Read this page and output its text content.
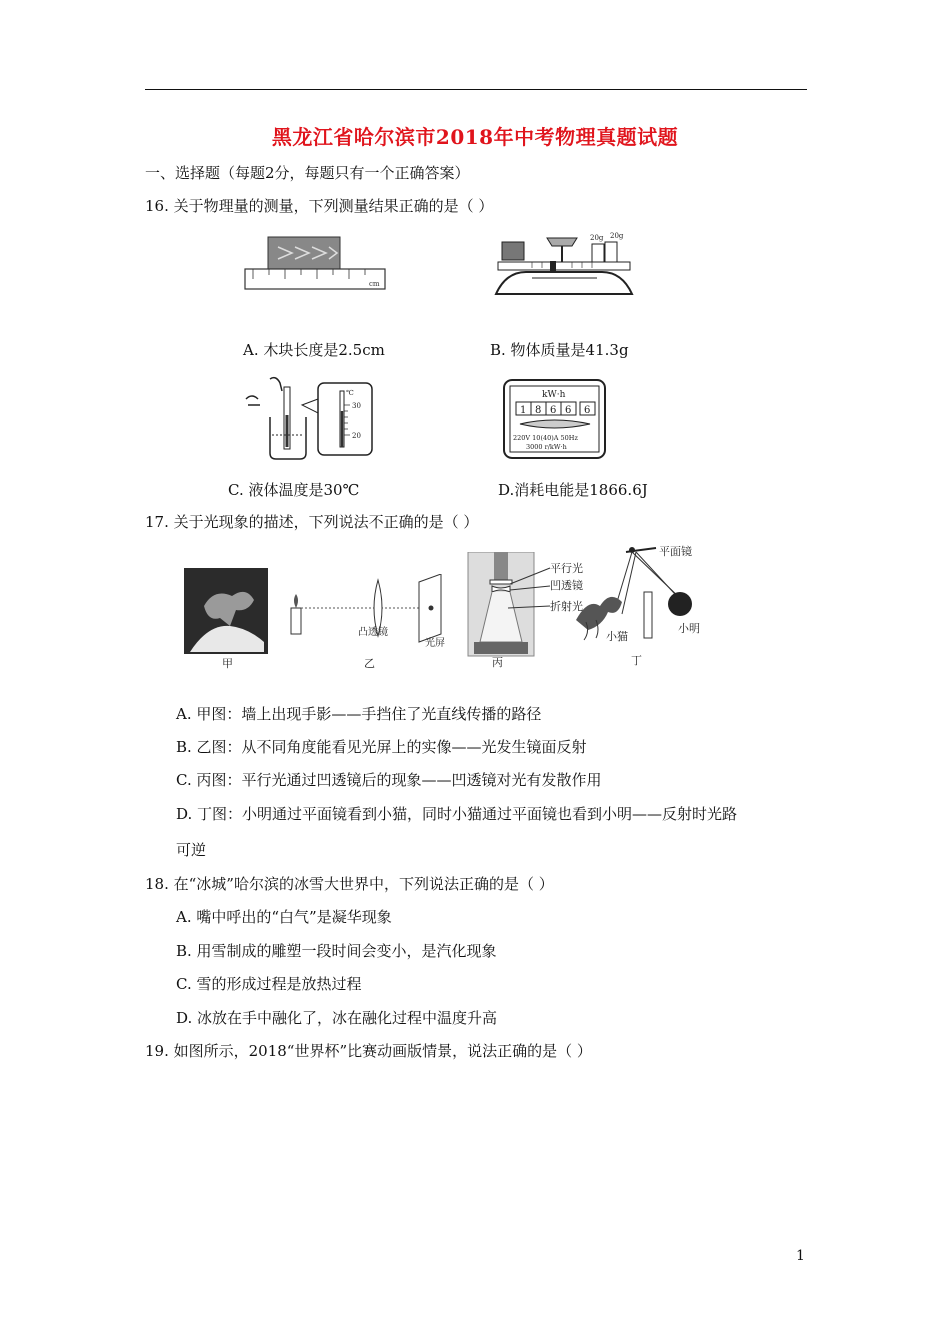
黑龙江省哈尔滨市2018年中考物理真题试题
一、选择题（每题2分，每题只有一个正确答案）
16. 关于物理量的测量，下列测量结果正确的是（ ）
cm
20g 20g
A. 木块长度是2.5cm	B. 物体质量是41.3g
℃
30
20
kW·h
1 8 6 6 6
220V 10(40)A 50Hz
3000 r/kW·h
C. 液体温度是30℃	D.消耗电能是1866.6J
17. 关于光现象的描述，下列说法不正确的是（ ）
甲
凸透镜
光屏
乙
平行光
凹透镜
折射光
丙
平面镜
小猫
小明
丁
A. 甲图：墙上出现手影——手挡住了光直线传播的路径
B. 乙图：从不同角度能看见光屏上的实像——光发生镜面反射
C. 丙图：平行光通过凹透镜后的现象——凹透镜对光有发散作用
D. 丁图：小明通过平面镜看到小猫，同时小猫通过平面镜也看到小明——反射时光路
可逆
18. 在“冰城”哈尔滨的冰雪大世界中，下列说法正确的是（ ）
A. 嘴中呼出的“白气”是凝华现象
B. 用雪制成的雕塑一段时间会变小，是汽化现象
C. 雪的形成过程是放热过程
D. 冰放在手中融化了，冰在融化过程中温度升高
19. 如图所示，2018“世界杯”比赛动画版情景，说法正确的是（ ）
1
